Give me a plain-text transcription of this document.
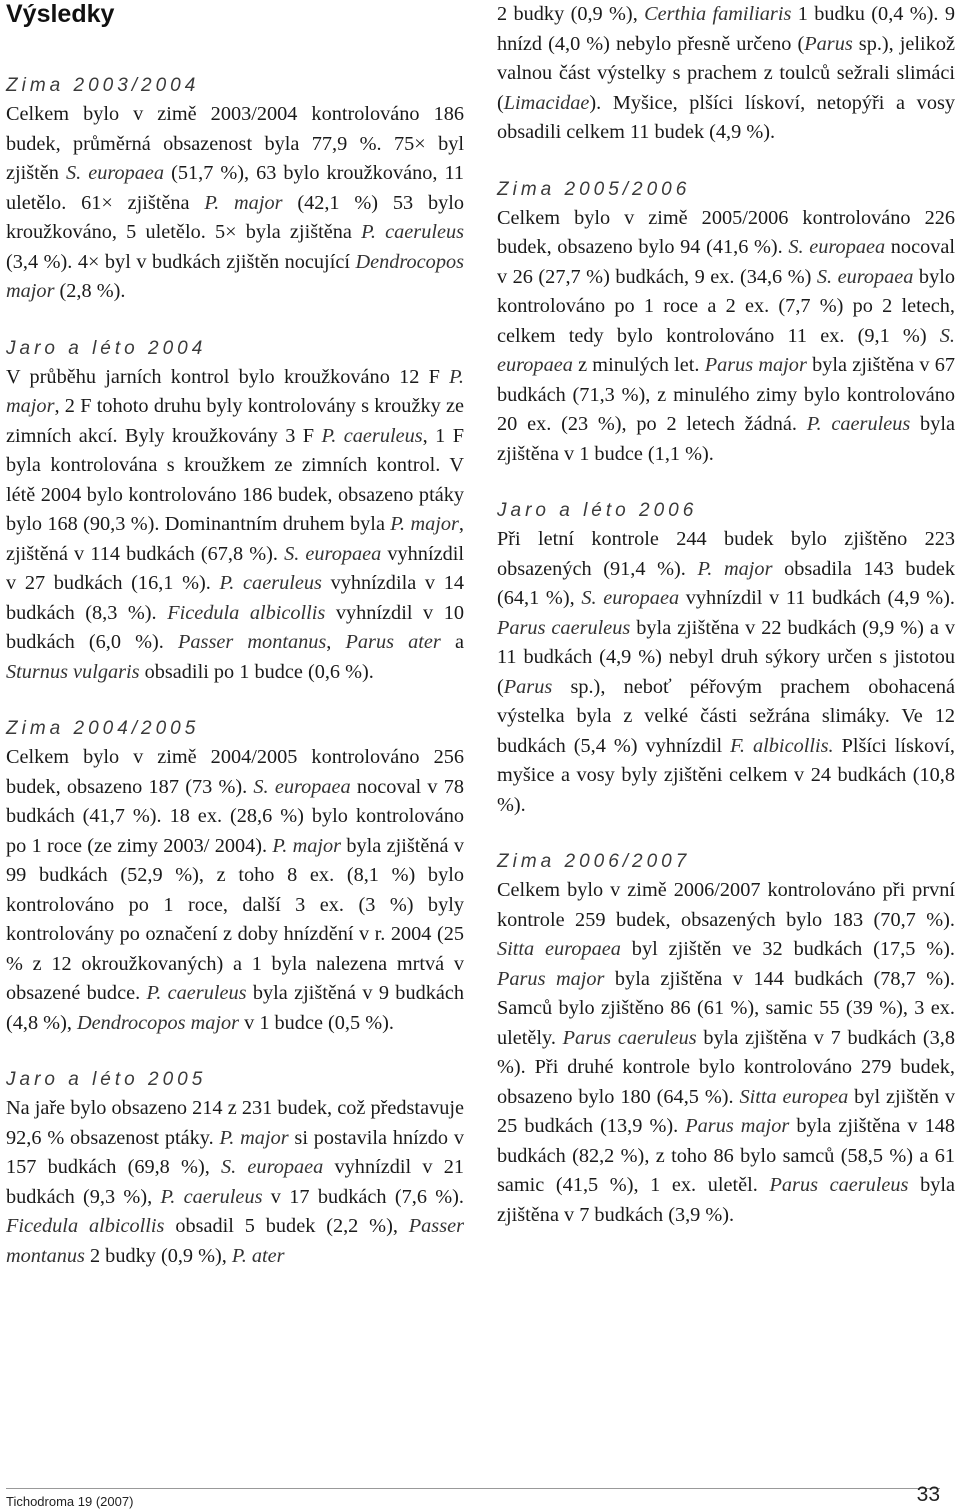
Výsledky

Zima 2003/2004

Celkem bylo v zimě 2003/2004 kontrolováno 186 budek, průměrná obsazenost byla 77,9 %. 75× byl zjištěn S. europaea (51,7 %), 63 bylo kroužkováno, 11 uletělo. 61× zjištěna P. major (42,1 %) 53 bylo kroužkováno, 5 uletělo. 5× byla zjištěna P. caeruleus (3,4 %). 4× byl v budkách zjištěn nocující Dendrocopos major (2,8 %).

Jaro a léto 2004

V průběhu jarních kontrol bylo kroužkováno 12 F P. major, 2 F tohoto druhu byly kontrolovány s kroužky ze zimních akcí. Byly kroužkovány 3 F P. caeruleus, 1 F byla kontrolována s kroužkem ze zimních kontrol. V létě 2004 bylo kontrolováno 186 budek, obsazeno ptáky bylo 168 (90,3 %). Dominantním druhem byla P. major, zjištěná v 114 budkách (67,8 %). S. europaea vyhnízdil v 27 budkách (16,1 %). P. caeruleus vyhnízdila v 14 budkách (8,3 %). Ficedula albicollis vyhnízdil v 10 budkách (6,0 %). Passer montanus, Parus ater a Sturnus vulgaris obsadili po 1 budce (0,6 %).

Zima 2004/2005

Celkem bylo v zimě 2004/2005 kontrolováno 256 budek, obsazeno 187 (73 %). S. europaea nocoval v 78 budkách (41,7 %). 18 ex. (28,6 %) bylo kontrolováno po 1 roce (ze zimy 2003/ 2004). P. major byla zjištěná v 99 budkách (52,9 %), z toho 8 ex. (8,1 %) bylo kontrolováno po 1 roce, další 3 ex. (3 %) byly kontrolovány po označení z doby hnízdění v r. 2004 (25 % z 12 okroužkovaných) a 1 byla nalezena mrtvá v obsazené budce. P. caeruleus byla zjištěná v 9 budkách (4,8 %), Dendrocopos major v 1 budce (0,5 %).

Jaro a léto 2005

Na jaře bylo obsazeno 214 z 231 budek, což představuje 92,6 % obsazenost ptáky. P. major si postavila hnízdo v 157 budkách (69,8 %), S. europaea vyhnízdil v 21 budkách (9,3 %), P. caeruleus v 17 budkách (7,6 %). Ficedula albicollis obsadil 5 budek (2,2 %), Passer montanus 2 budky (0,9 %), P. ater

2 budky (0,9 %), Certhia familiaris 1 budku (0,4 %). 9 hnízd (4,0 %) nebylo přesně určeno (Parus sp.), jelikož valnou část výstelky s prachem z toulců sežrali slimáci (Limacidae). Myšice, plšíci lískoví, netopýři a vosy obsadili celkem 11 budek (4,9 %).

Zima 2005/2006

Celkem bylo v zimě 2005/2006 kontrolováno 226 budek, obsazeno bylo 94 (41,6 %). S. europaea nocoval v 26 (27,7 %) budkách, 9 ex. (34,6 %) S. europaea bylo kontrolováno po 1 roce a 2 ex. (7,7 %) po 2 letech, celkem tedy bylo kontrolováno 11 ex. (9,1 %) S. europaea z minulých let. Parus major byla zjištěna v 67 budkách (71,3 %), z minulého zimy bylo kontrolováno 20 ex. (23 %), po 2 letech žádná. P. caeruleus byla zjištěna v 1 budce (1,1 %).

Jaro a léto 2006

Při letní kontrole 244 budek bylo zjištěno 223 obsazených (91,4 %). P. major obsadila 143 budek (64,1 %), S. europaea vyhnízdil v 11 budkách (4,9 %). Parus caeruleus byla zjištěna v 22 budkách (9,9 %) a v 11 budkách (4,9 %) nebyl druh sýkory určen s jistotou (Parus sp.), neboť péřovým prachem obohacená výstelka byla z velké části sežrána slimáky. Ve 12 budkách (5,4 %) vyhnízdil F. albicollis. Plšíci lískoví, myšice a vosy byly zjištěni celkem v 24 budkách (10,8 %).

Zima 2006/2007

Celkem bylo v zimě 2006/2007 kontrolováno při první kontrole 259 budek, obsazených bylo 183 (70,7 %). Sitta europaea byl zjištěn ve 32 budkách (17,5 %). Parus major byla zjištěna v 144 budkách (78,7 %). Samců bylo zjištěno 86 (61 %), samic 55 (39 %), 3 ex. uletěly. Parus caeruleus byla zjištěna v 7 budkách (3,8 %). Při druhé kontrole bylo kontrolováno 279 budek, obsazeno bylo 180 (64,5 %). Sitta europea byl zjištěn v 25 budkách (13,9 %). Parus major byla zjištěna v 148 budkách (82,2 %), z toho 86 bylo samců (58,5 %) a 61 samic (41,5 %), 1 ex. uletěl. Parus caeruleus byla zjištěna v 7 budkách (3,9 %).

Tichodroma 19 (2007)	33
